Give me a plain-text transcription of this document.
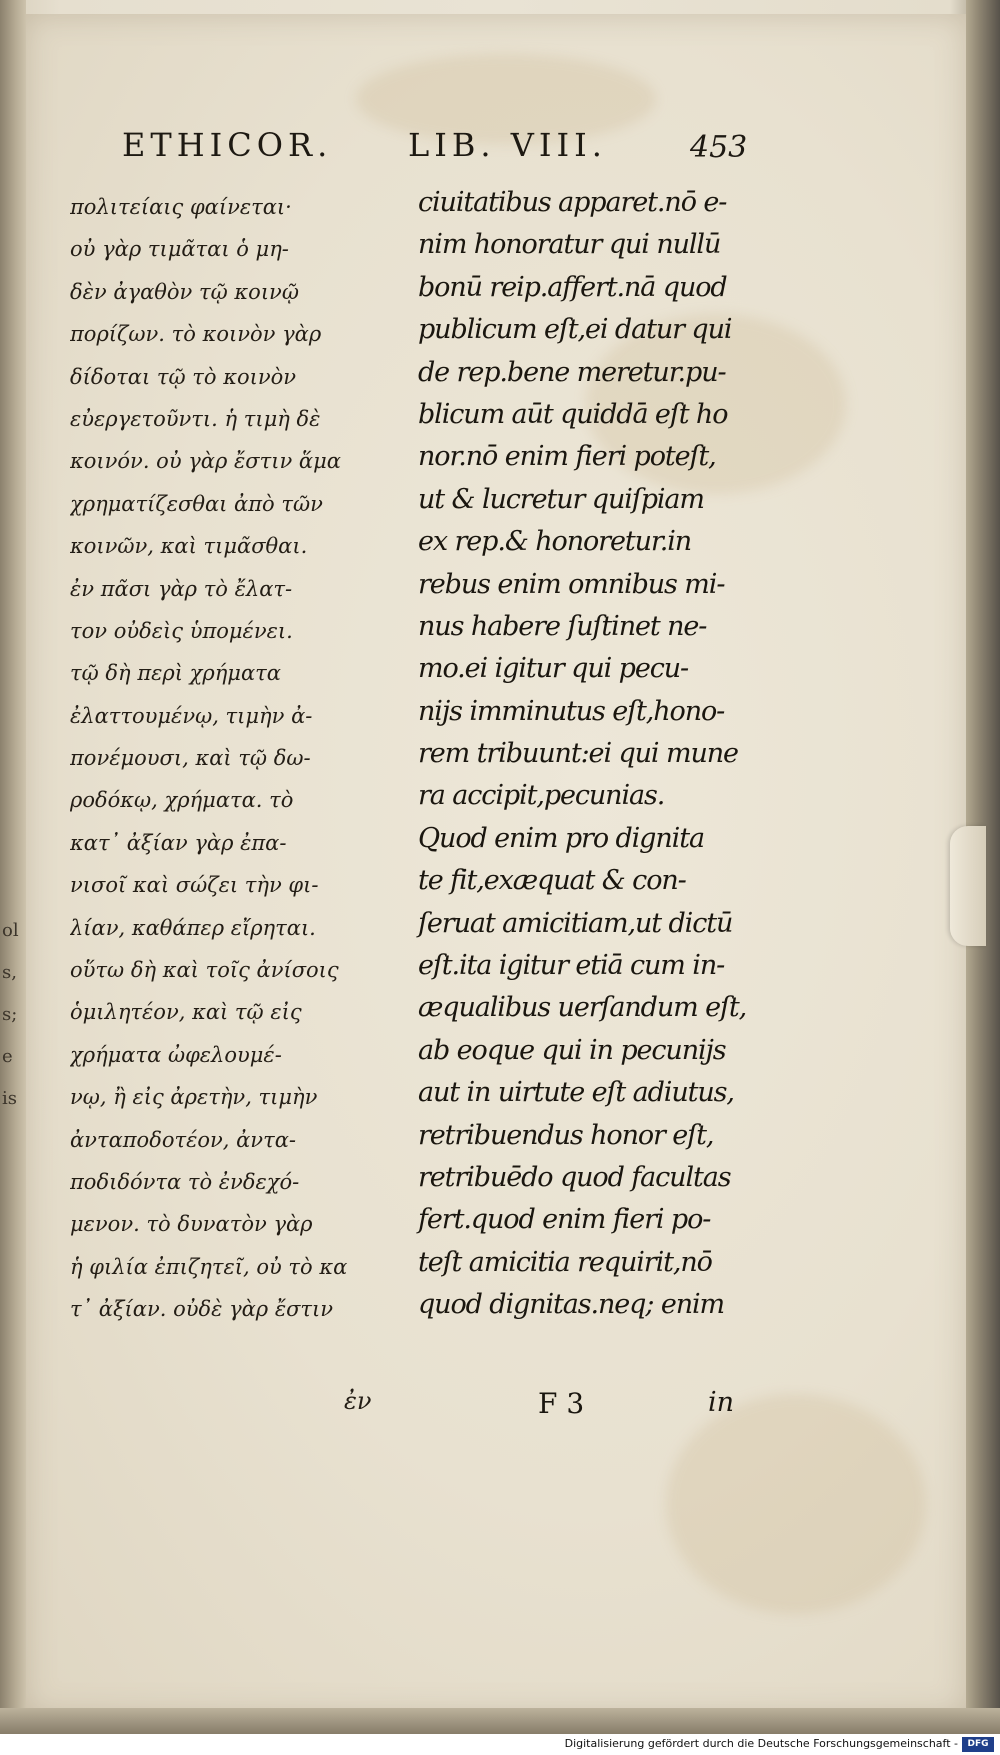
ol
s,
s;
e
is
ETHICOR. LIB. VIII.	453
πολιτείαις φαίνεται·
οὐ γὰρ τιμᾶται ὁ μη-
δὲν ἀγαθὸν τῷ κοινῷ
πορίζων. τὸ κοινὸν γὰρ
δίδοται τῷ τὸ κοινὸν
εὐεργετοῦντι. ἡ τιμὴ δὲ
κοινόν. οὐ γὰρ ἔστιν ἅμα
χρηματίζεσθαι ἀπὸ τῶν
κοινῶν, καὶ τιμᾶσθαι.
ἐν πᾶσι γὰρ τὸ ἔλατ-
τον οὐδεὶς ὑπομένει.
τῷ δὴ περὶ χρήματα
ἐλαττουμένῳ, τιμὴν ἀ-
πονέμουσι, καὶ τῷ δω-
ροδόκῳ, χρήματα. τὸ
κατ᾿ ἀξίαν γὰρ ἐπα-
νισοῖ καὶ σώζει τὴν φι-
λίαν, καθάπερ εἴρηται.
οὕτω δὴ καὶ τοῖς ἀνίσοις
ὁμιλητέον, καὶ τῷ εἰς
χρήματα ὠφελουμέ-
νῳ, ἢ εἰς ἀρετὴν, τιμὴν
ἀνταποδοτέον, ἀντα-
ποδιδόντα τὸ ἐνδεχό-
μενον. τὸ δυνατὸν γὰρ
ἡ φιλία ἐπιζητεῖ, οὐ τὸ κα
τ᾿ ἀξίαν. οὐδὲ γὰρ ἔστιν
ciuitatibus apparet.nō e-
nim honoratur qui nullū
bonū reip.affert.nā quod
publicum eſt,ei datur qui
de rep.bene meretur.pu-
blicum aūt quiddā eſt ho
nor.nō enim fieri poteſt,
ut & lucretur quiſpiam
ex rep.& honoretur.in
rebus enim omnibus mi-
nus habere ſuſtinet ne-
mo.ei igitur qui pecu-
nijs imminutus eſt,hono-
rem tribuunt:ei qui mune
ra accipit,pecunias.
Quod enim pro dignita
te fit,exæquat & con-
ſeruat amicitiam,ut dictū
eſt.ita igitur etiā cum in-
æqualibus uerſandum eſt,
ab eoque qui in pecunijs
aut in uirtute eſt adiutus,
retribuendus honor eſt,
retribuēdo quod facultas
fert.quod enim fieri po-
teſt amicitia requirit,nō
quod dignitas.neq; enim
ἐν	F 3	in
Digitalisierung gefördert durch die Deutsche Forschungsgemeinschaft -	DFG
